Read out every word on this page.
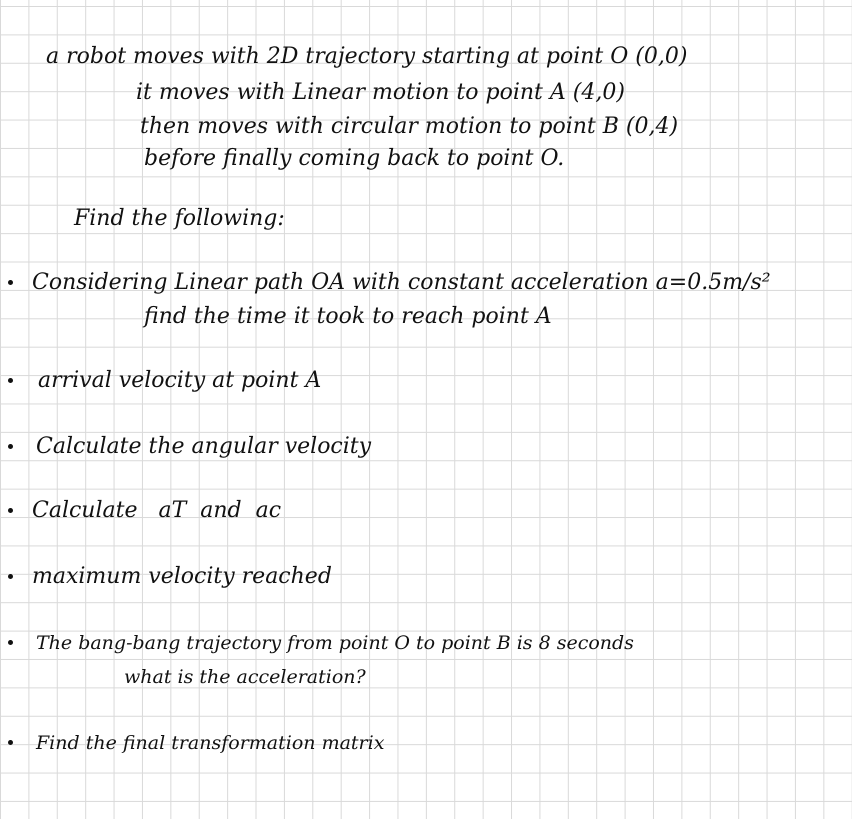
a robot moves with 2D trajectory starting at point O (0,0)
it moves with Linear motion to point A (4,0)
then moves with circular motion to point B (0,4)
before finally coming back to point O.
Find the following:
Considering Linear path OA with constant acceleration a=0.5m/s²
find the time it took to reach point A
arrival velocity at point A
Calculate the angular velocity
Calculate   aT  and  ac
maximum velocity reached
The bang-bang trajectory from point O to point B is 8 seconds
what is the acceleration?
Find the final transformation matrix
